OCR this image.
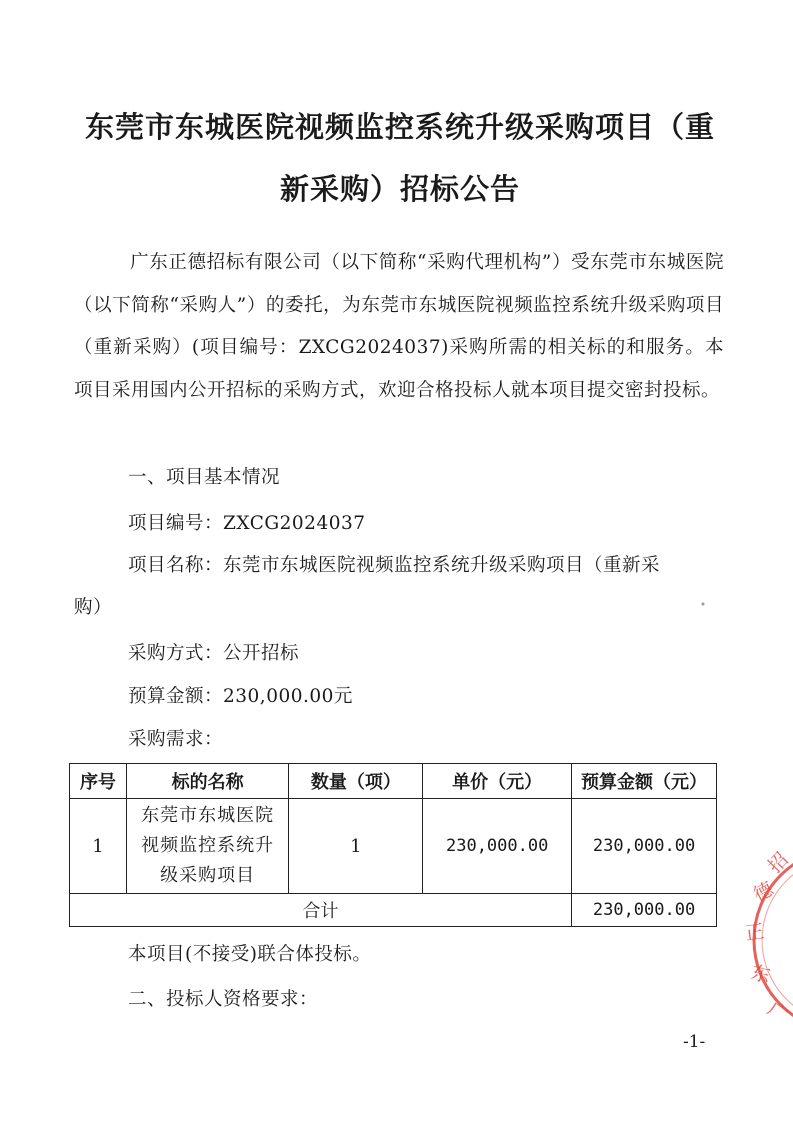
东莞市东城医院视频监控系统升级采购项目（重
新采购）招标公告
广东正德招标有限公司（以下简称“采购代理机构”）受东莞市东城医院（以下简称“采购人”）的委托，为东莞市东城医院视频监控系统升级采购项目（重新采购）(项目编号：ZXCG2024037)采购所需的相关标的和服务。本项目采用国内公开招标的采购方式，欢迎合格投标人就本项目提交密封投标。
一、项目基本情况
项目编号：ZXCG2024037
项目名称：东莞市东城医院视频监控系统升级采购项目（重新采
购）
采购方式：公开招标
预算金额：230,000.00元
采购需求：
序号	标的名称	数量（项）	单价（元）	预算金额（元）
1	东莞市东城医院
视频监控系统升
级采购项目	1	230,000.00	230,000.00
合计				230,000.00
本项目(不接受)联合体投标。
二、投标人资格要求：
-1-
德
正
东
广
招
